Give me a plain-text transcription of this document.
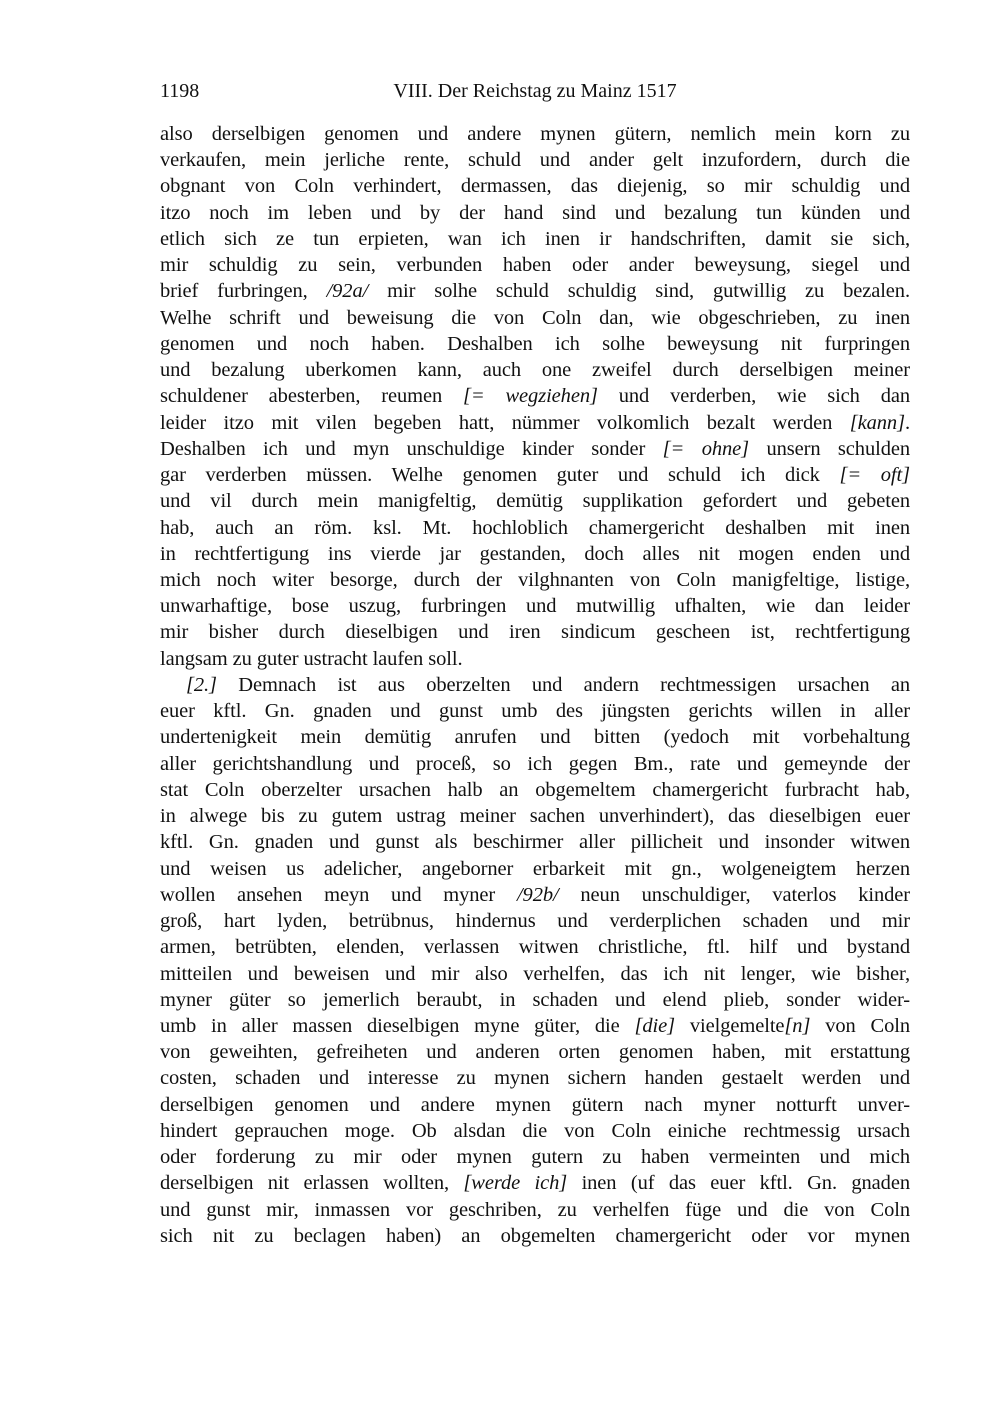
1198	VIII. Der Reichstag zu Mainz 1517
also derselbigen genomen und andere mynen gütern, nemlich mein korn zu
verkaufen, mein jerliche rente, schuld und ander gelt inzufordern, durch die
obgnant von Coln verhindert, dermassen, das diejenig, so mir schuldig und
itzo noch im leben und by der hand sind und bezalung tun künden und
etlich sich ze tun erpieten, wan ich inen ir handschriften, damit sie sich,
mir schuldig zu sein, verbunden haben oder ander beweysung, siegel und
brief furbringen, /92a/ mir solhe schuld schuldig sind, gutwillig zu bezalen.
Welhe schrift und beweisung die von Coln dan, wie obgeschrieben, zu inen
genomen und noch haben. Deshalben ich solhe beweysung nit furpringen
und bezalung uberkomen kann, auch one zweifel durch derselbigen meiner
schuldener abesterben, reumen [= wegziehen] und verderben, wie sich dan
leider itzo mit vilen begeben hatt, nümmer volkomlich bezalt werden [kann].
Deshalben ich und myn unschuldige kinder sonder [= ohne] unsern schulden
gar verderben müssen. Welhe genomen guter und schuld ich dick [= oft]
und vil durch mein manigfeltig, demütig supplikation gefordert und gebeten
hab, auch an röm. ksl. Mt. hochloblich chamergericht deshalben mit inen
in rechtfertigung ins vierde jar gestanden, doch alles nit mogen enden und
mich noch witer besorge, durch der vilghnanten von Coln manigfeltige, listige,
unwarhaftige, bose uszug, furbringen und mutwillig ufhalten, wie dan leider
mir bisher durch dieselbigen und iren sindicum gescheen ist, rechtfertigung
langsam zu guter ustracht laufen soll.
[2.] Demnach ist aus oberzelten und andern rechtmessigen ursachen an
euer kftl. Gn. gnaden und gunst umb des jüngsten gerichts willen in aller
undertenigkeit mein demütig anrufen und bitten (yedoch mit vorbehaltung
aller gerichtshandlung und proceß, so ich gegen Bm., rate und gemeynde der
stat Coln oberzelter ursachen halb an obgemeltem chamergericht furbracht hab,
in alwege bis zu gutem ustrag meiner sachen unverhindert), das dieselbigen euer
kftl. Gn. gnaden und gunst als beschirmer aller pillicheit und insonder witwen
und weisen us adelicher, angeborner erbarkeit mit gn., wolgeneigtem herzen
wollen ansehen meyn und myner /92b/ neun unschuldiger, vaterlos kinder
groß, hart lyden, betrübnus, hindernus und verderplichen schaden und mir
armen, betrübten, elenden, verlassen witwen christliche, ftl. hilf und bystand
mitteilen und beweisen und mir also verhelfen, das ich nit lenger, wie bisher,
myner güter so jemerlich beraubt, in schaden und elend plieb, sonder wider-
umb in aller massen dieselbigen myne güter, die [die] vielgemelte[n] von Coln
von geweihten, gefreiheten und anderen orten genomen haben, mit erstattung
costen, schaden und interesse zu mynen sichern handen gestaelt werden und
derselbigen genomen und andere mynen gütern nach myner notturft unver-
hindert geprauchen moge. Ob alsdan die von Coln einiche rechtmessig ursach
oder forderung zu mir oder mynen gutern zu haben vermeinten und mich
derselbigen nit erlassen wollten, [werde ich] inen (uf das euer kftl. Gn. gnaden
und gunst mir, inmassen vor geschriben, zu verhelfen füge und die von Coln
sich nit zu beclagen haben) an obgemelten chamergericht oder vor mynen
